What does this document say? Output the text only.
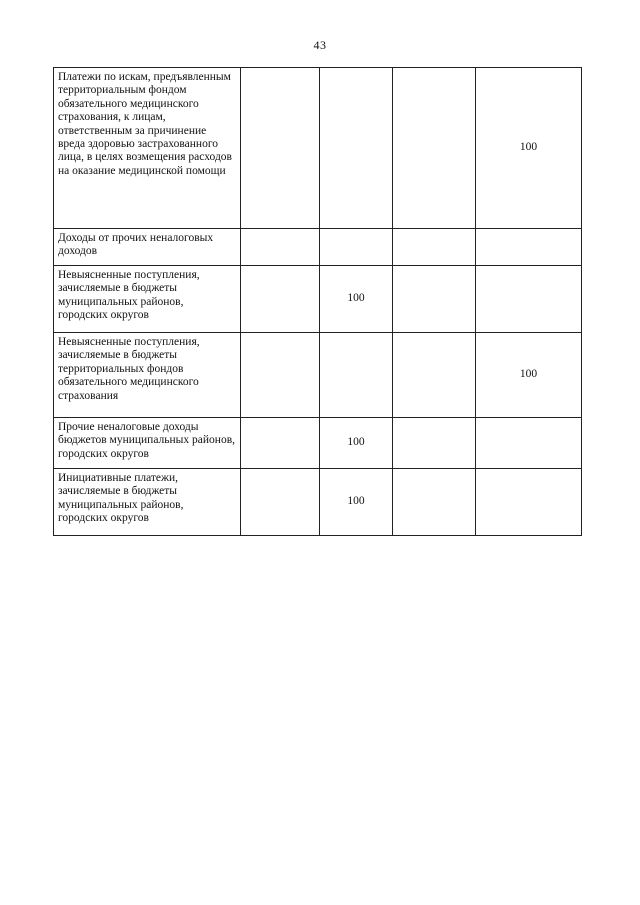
43
Платежи по искам, предъявленным территориальным фондом обязательного медицинского страхования, к лицам, ответственным за причинение вреда здоровью застрахованного лица, в целях возмещения расходов на оказание медицинской помощи				100
Доходы от прочих неналоговых доходов				
Невыясненные поступления, зачисляемые в бюджеты муниципальных районов, городских округов		100		
Невыясненные поступления, зачисляемые в бюджеты территориальных фондов обязательного медицинского страхования				100
Прочие неналоговые доходы бюджетов муниципальных районов, городских округов		100		
Инициативные платежи, зачисляемые в бюджеты муниципальных районов, городских округов		100		
